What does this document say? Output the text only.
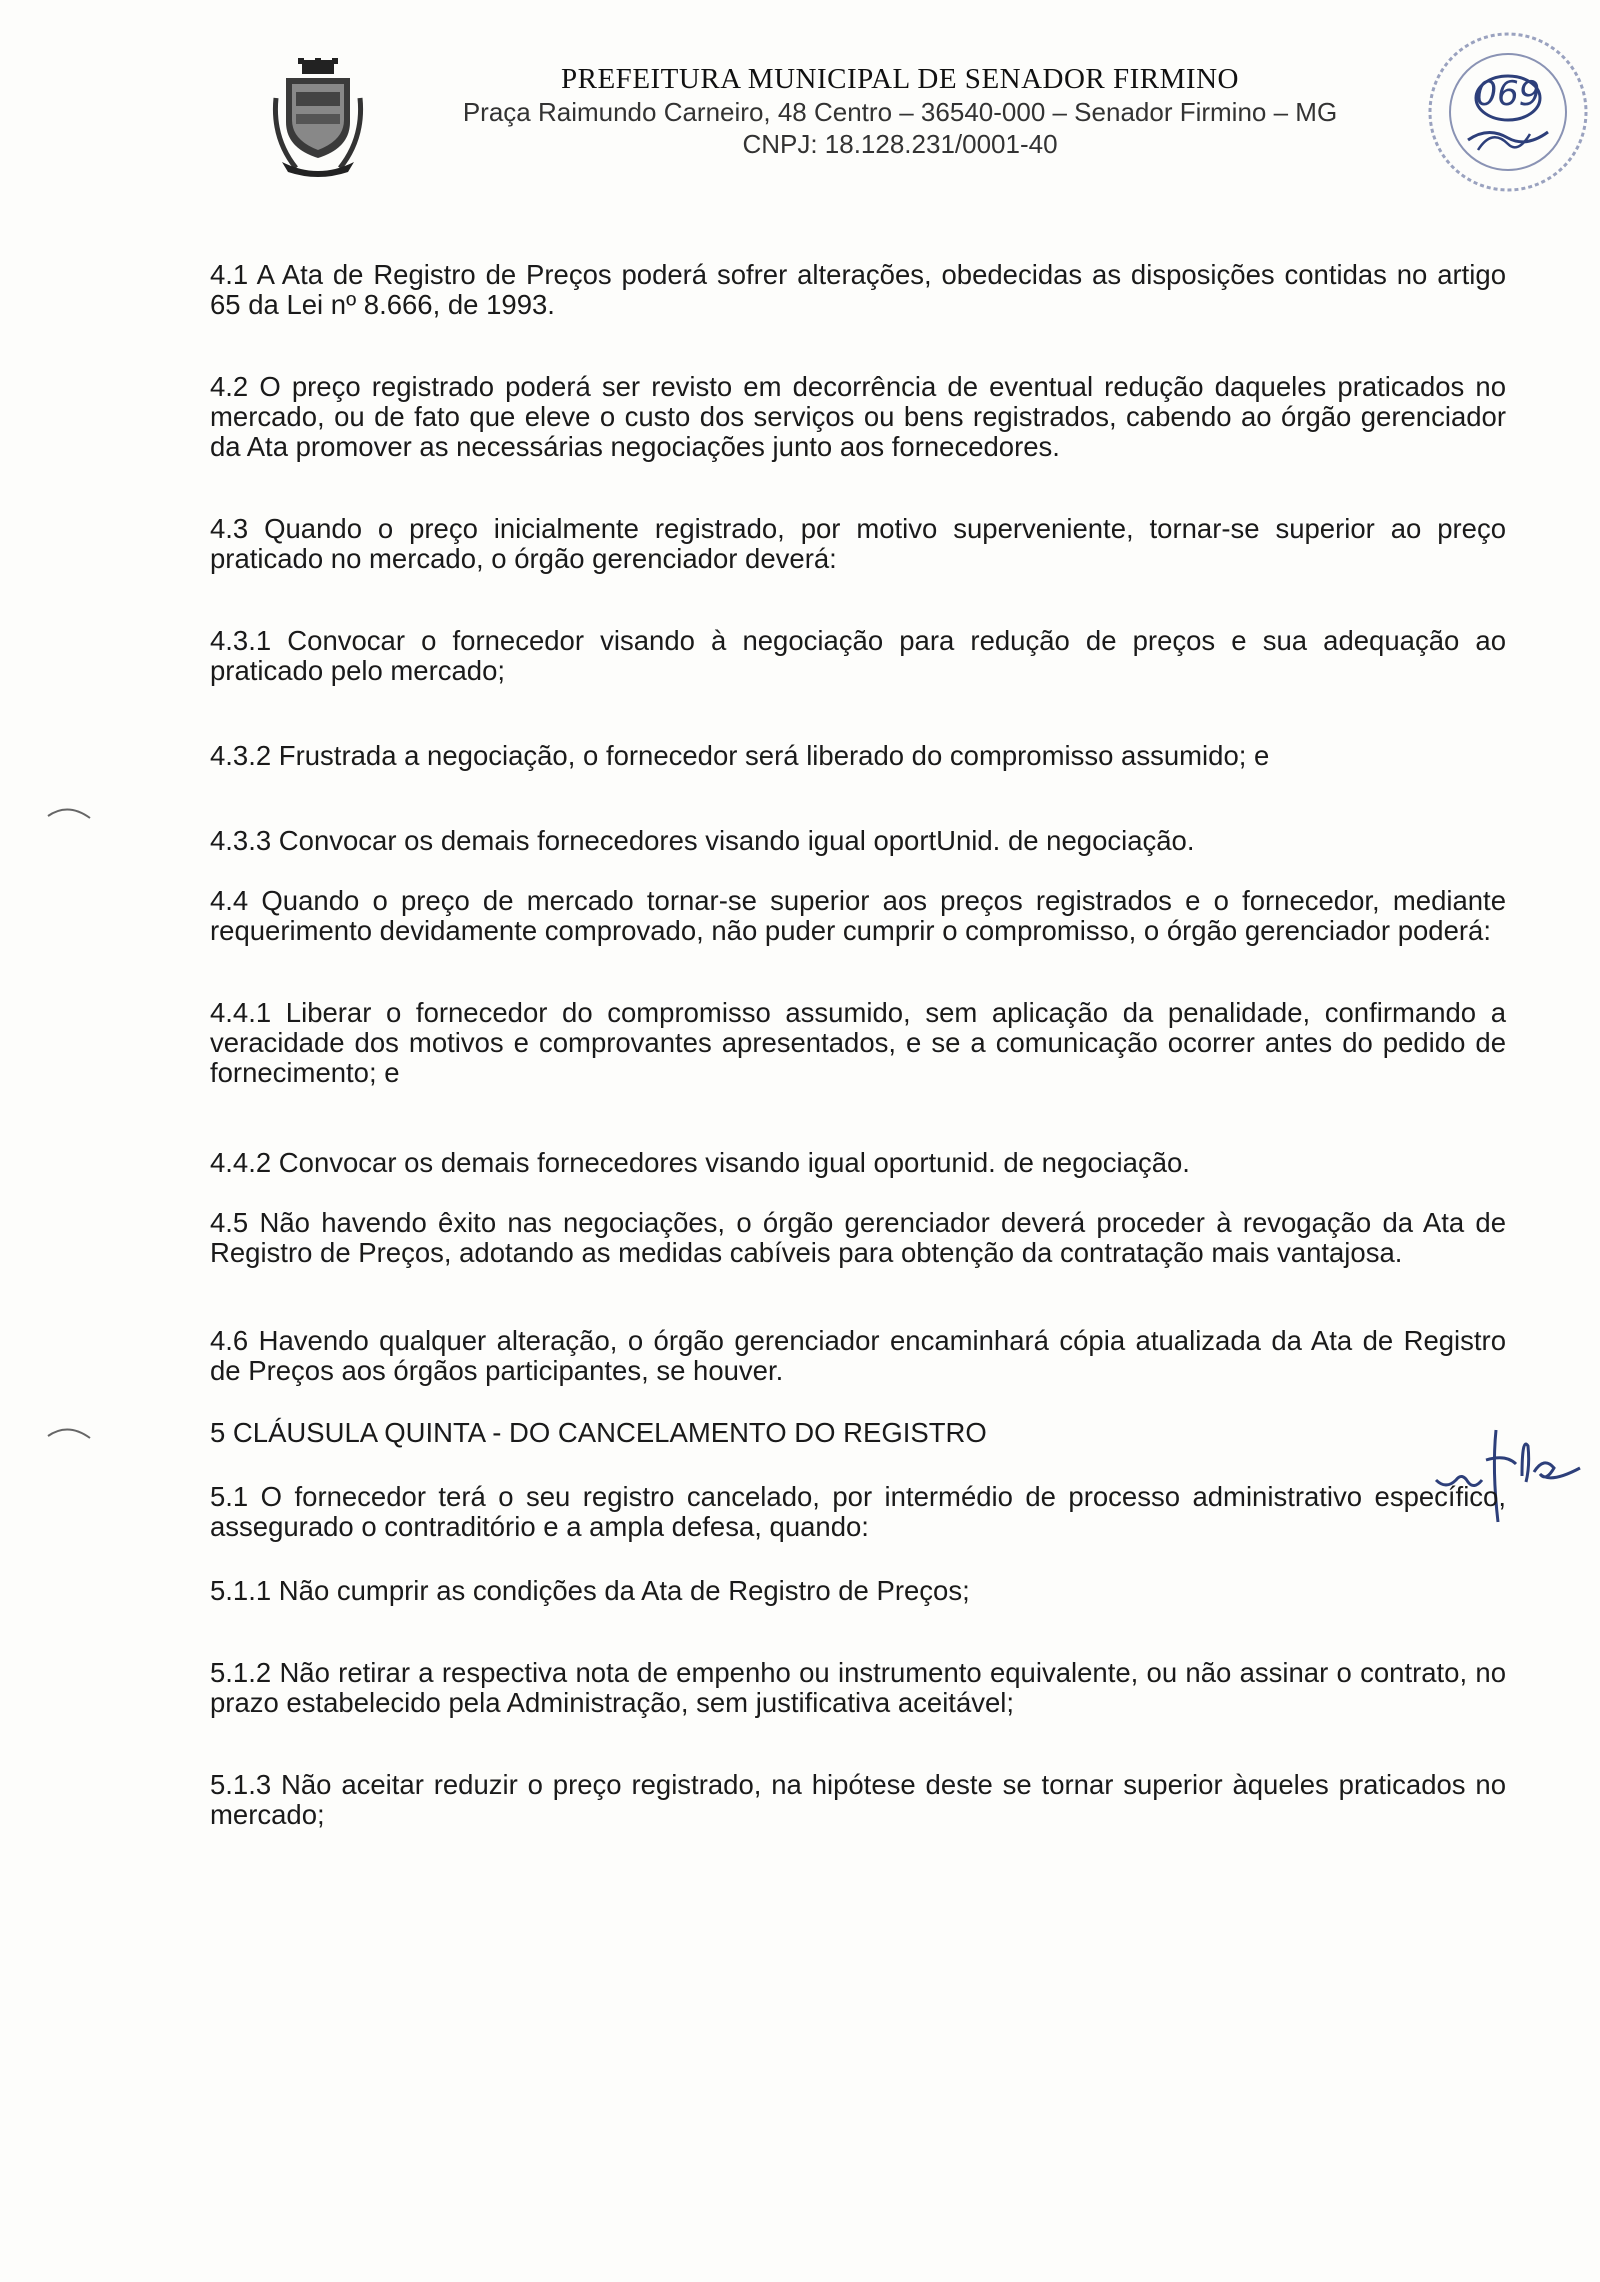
PREFEITURA MUNICIPAL DE SENADOR FIRMINO
Praça Raimundo Carneiro, 48 Centro – 36540-000 – Senador Firmino – MG
CNPJ: 18.128.231/0001-40
069

4.1 A Ata de Registro de Preços poderá sofrer alterações, obedecidas as disposições contidas no artigo 65 da Lei nº 8.666, de 1993.

4.2 O preço registrado poderá ser revisto em decorrência de eventual redução daqueles praticados no mercado, ou de fato que eleve o custo dos serviços ou bens registrados, cabendo ao órgão gerenciador da Ata promover as necessárias negociações junto aos fornecedores.

4.3 Quando o preço inicialmente registrado, por motivo superveniente, tornar-se superior ao preço praticado no mercado, o órgão gerenciador deverá:

4.3.1 Convocar o fornecedor visando à negociação para redução de preços e sua adequação ao praticado pelo mercado;

4.3.2 Frustrada a negociação, o fornecedor será liberado do compromisso assumido; e

4.3.3 Convocar os demais fornecedores visando igual oportUnid. de negociação.

4.4 Quando o preço de mercado tornar-se superior aos preços registrados e o fornecedor, mediante requerimento devidamente comprovado, não puder cumprir o compromisso, o órgão gerenciador poderá:

4.4.1 Liberar o fornecedor do compromisso assumido, sem aplicação da penalidade, confirmando a veracidade dos motivos e comprovantes apresentados, e se a comunicação ocorrer antes do pedido de fornecimento; e

4.4.2 Convocar os demais fornecedores visando igual oportunid. de negociação.

4.5 Não havendo êxito nas negociações, o órgão gerenciador deverá proceder à revogação da Ata de Registro de Preços, adotando as medidas cabíveis para obtenção da contratação mais vantajosa.

4.6 Havendo qualquer alteração, o órgão gerenciador encaminhará cópia atualizada da Ata de Registro de Preços aos órgãos participantes, se houver.

5 CLÁUSULA QUINTA - DO CANCELAMENTO DO REGISTRO

5.1 O fornecedor terá o seu registro cancelado, por intermédio de processo administrativo específico, assegurado o contraditório e a ampla defesa, quando:

5.1.1 Não cumprir as condições da Ata de Registro de Preços;

5.1.2 Não retirar a respectiva nota de empenho ou instrumento equivalente, ou não assinar o contrato, no prazo estabelecido pela Administração, sem justificativa aceitável;

5.1.3 Não aceitar reduzir o preço registrado, na hipótese deste se tornar superior àqueles praticados no mercado;
